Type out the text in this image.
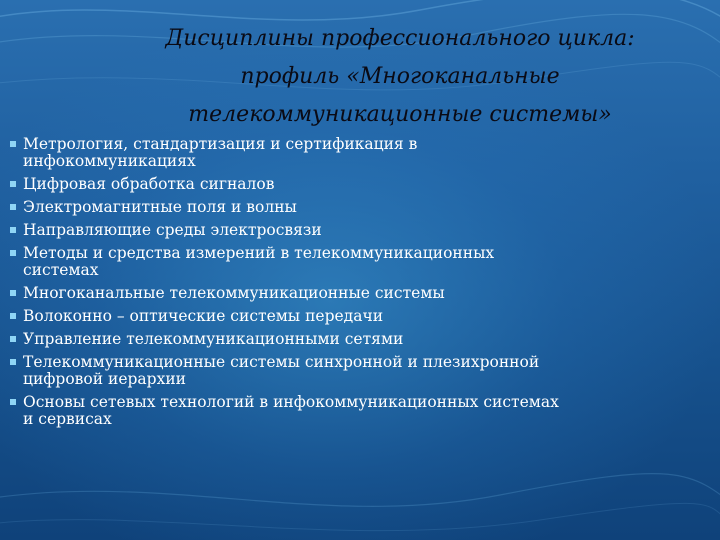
Дисциплины профессионального цикла:
профиль «Многоканальные
телекоммуникационные системы»
Метрология, стандартизация и сертификация в
инфокоммуникациях
Цифровая обработка сигналов
Электромагнитные поля и волны
Направляющие среды электросвязи
Методы и средства измерений в телекоммуникационных
системах
Многоканальные телекоммуникационные системы
Волоконно – оптические системы передачи
Управление телекоммуникационными сетями
Телекоммуникационные системы синхронной и плезихронной
цифровой иерархии
Основы сетевых технологий в инфокоммуникационных системах
и сервисах
